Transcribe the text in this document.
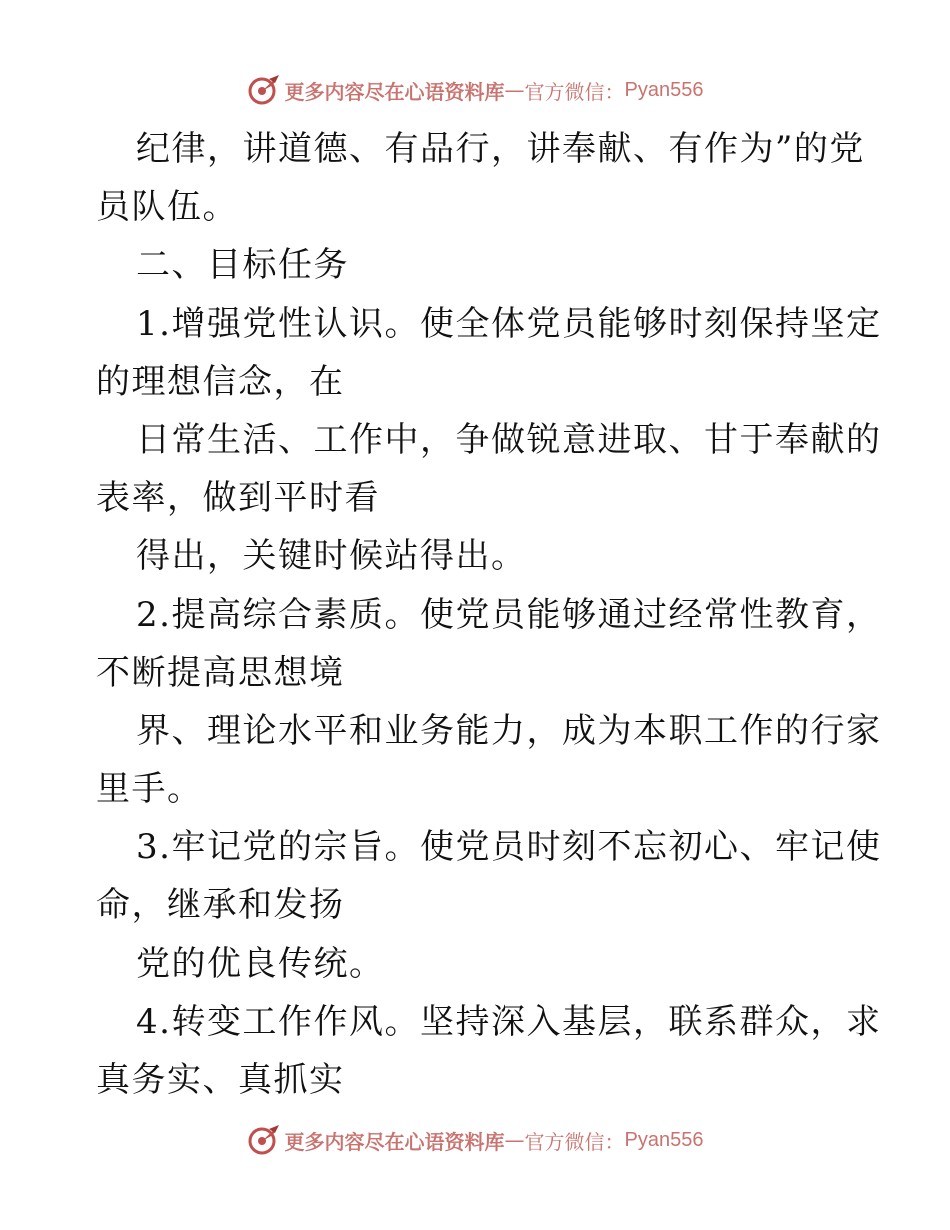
更多内容尽在心语资料库 — 官方微信： Pyan556
纪律，讲道德、有品行，讲奉献、有作为”的党
员队伍。
二、目标任务
1.增强党性认识。使全体党员能够时刻保持坚定
的理想信念，在
日常生活、工作中，争做锐意进取、甘于奉献的
表率，做到平时看
得出，关键时候站得出。
2.提高综合素质。使党员能够通过经常性教育，
不断提高思想境
界、理论水平和业务能力，成为本职工作的行家
里手。
3.牢记党的宗旨。使党员时刻不忘初心、牢记使
命，继承和发扬
党的优良传统。
4.转变工作作风。坚持深入基层，联系群众，求
真务实、真抓实
更多内容尽在心语资料库 — 官方微信： Pyan556
